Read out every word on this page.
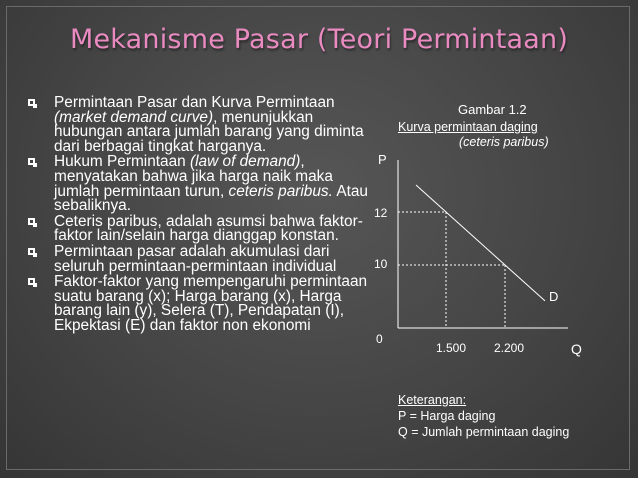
Mekanisme Pasar (Teori Permintaan)
Permintaan Pasar dan Kurva Permintaan (market demand curve), menunjukkan hubungan antara jumlah barang yang diminta dari berbagai tingkat harganya.
Hukum Permintaan (law of demand), menyatakan bahwa jika harga naik maka jumlah permintaan turun, ceteris paribus. Atau sebaliknya.
Ceteris paribus, adalah asumsi bahwa faktor-faktor lain/selain harga dianggap konstan.
Permintaan pasar adalah akumulasi dari seluruh permintaan-permintaan individual
Faktor-faktor yang mempengaruhi permintaan suatu barang (x); Harga barang (x), Harga barang lain (y), Selera (T), Pendapatan (I), Ekpektasi (E) dan faktor non ekonomi
Gambar 1.2
Kurva permintaan daging
(ceteris paribus)
P
Q
0
D
12
10
1.500 2.200
Keterangan:
P = Harga daging
Q = Jumlah permintaan daging
